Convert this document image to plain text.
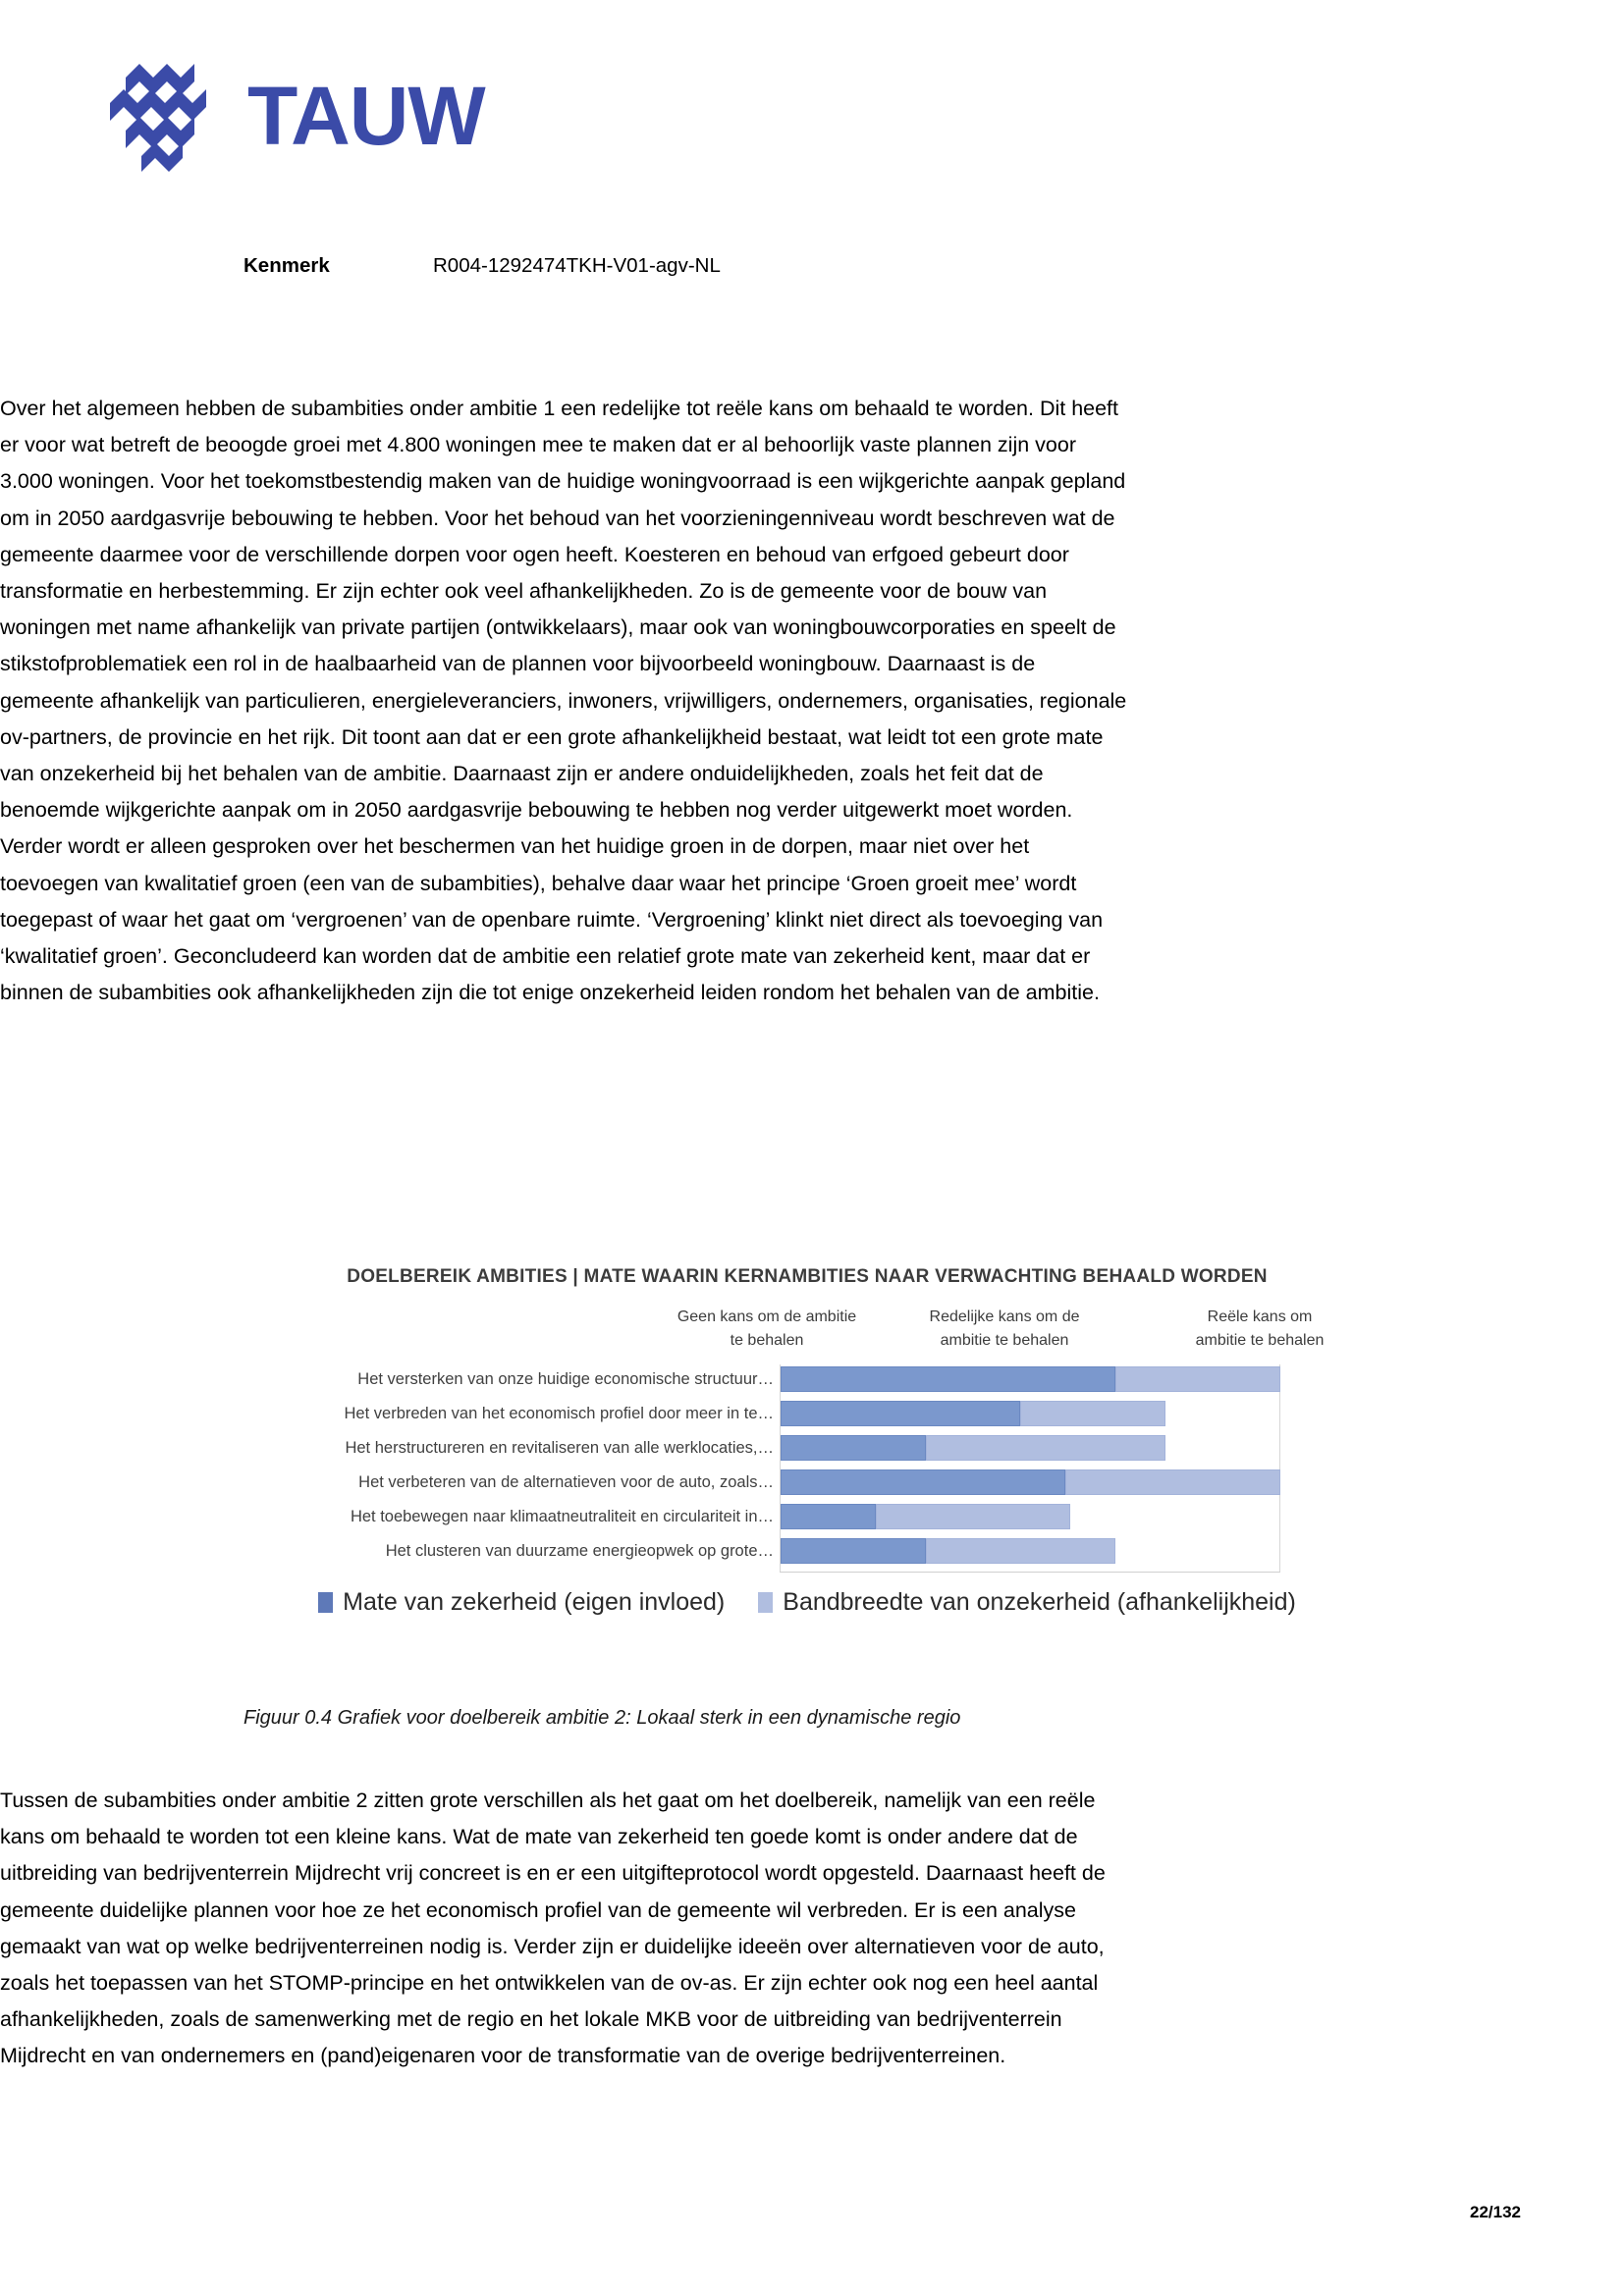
TAUW
Kenmerk	R004-1292474TKH-V01-agv-NL

Over het algemeen hebben de subambities onder ambitie 1 een redelijke tot reële kans om behaald te worden. Dit heeft er voor wat betreft de beoogde groei met 4.800 woningen mee te maken dat er al behoorlijk vaste plannen zijn voor 3.000 woningen. Voor het toekomstbestendig maken van de huidige woningvoorraad is een wijkgerichte aanpak gepland om in 2050 aardgasvrije bebouwing te hebben. Voor het behoud van het voorzieningenniveau wordt beschreven wat de gemeente daarmee voor de verschillende dorpen voor ogen heeft. Koesteren en behoud van erfgoed gebeurt door transformatie en herbestemming. Er zijn echter ook veel afhankelijkheden. Zo is de gemeente voor de bouw van woningen met name afhankelijk van private partijen (ontwikkelaars), maar ook van woningbouwcorporaties en speelt de stikstofproblematiek een rol in de haalbaarheid van de plannen voor bijvoorbeeld woningbouw. Daarnaast is de gemeente afhankelijk van particulieren, energieleveranciers, inwoners, vrijwilligers, ondernemers, organisaties, regionale ov-partners, de provincie en het rijk. Dit toont aan dat er een grote afhankelijkheid bestaat, wat leidt tot een grote mate van onzekerheid bij het behalen van de ambitie. Daarnaast zijn er andere onduidelijkheden, zoals het feit dat de benoemde wijkgerichte aanpak om in 2050 aardgasvrije bebouwing te hebben nog verder uitgewerkt moet worden. Verder wordt er alleen gesproken over het beschermen van het huidige groen in de dorpen, maar niet over het toevoegen van kwalitatief groen (een van de subambities), behalve daar waar het principe ‘Groen groeit mee’ wordt toegepast of waar het gaat om ‘vergroenen’ van de openbare ruimte. ‘Vergroening’ klinkt niet direct als toevoeging van ‘kwalitatief groen’. Geconcludeerd kan worden dat de ambitie een relatief grote mate van zekerheid kent, maar dat er binnen de subambities ook afhankelijkheden zijn die tot enige onzekerheid leiden rondom het behalen van de ambitie.

DOELBEREIK AMBITIES | MATE WAARIN KERNAMBITIES NAAR VERWACHTING BEHAALD WORDEN
Geen kans om de ambitie
te behalen
Redelijke kans om de
ambitie te behalen
Reële kans om
ambitie te behalen
Het versterken van onze huidige economische structuur…
Het verbreden van het economisch profiel door meer in te…
Het herstructureren en revitaliseren van alle werklocaties,…
Het verbeteren van de alternatieven voor de auto, zoals…
Het toebewegen naar klimaatneutraliteit en circulariteit in…
Het clusteren van duurzame energieopwek op grote…
Mate van zekerheid (eigen invloed) Bandbreedte van onzekerheid (afhankelijkheid)
Figuur 0.4 Grafiek voor doelbereik ambitie 2: Lokaal sterk in een dynamische regio

Tussen de subambities onder ambitie 2 zitten grote verschillen als het gaat om het doelbereik, namelijk van een reële kans om behaald te worden tot een kleine kans. Wat de mate van zekerheid ten goede komt is onder andere dat de uitbreiding van bedrijventerrein Mijdrecht vrij concreet is en er een uitgifteprotocol wordt opgesteld. Daarnaast heeft de gemeente duidelijke plannen voor hoe ze het economisch profiel van de gemeente wil verbreden. Er is een analyse gemaakt van wat op welke bedrijventerreinen nodig is. Verder zijn er duidelijke ideeën over alternatieven voor de auto, zoals het toepassen van het STOMP-principe en het ontwikkelen van de ov-as. Er zijn echter ook nog een heel aantal afhankelijkheden, zoals de samenwerking met de regio en het lokale MKB voor de uitbreiding van bedrijventerrein Mijdrecht en van ondernemers en (pand)eigenaren voor de transformatie van de overige bedrijventerreinen.

22/132
